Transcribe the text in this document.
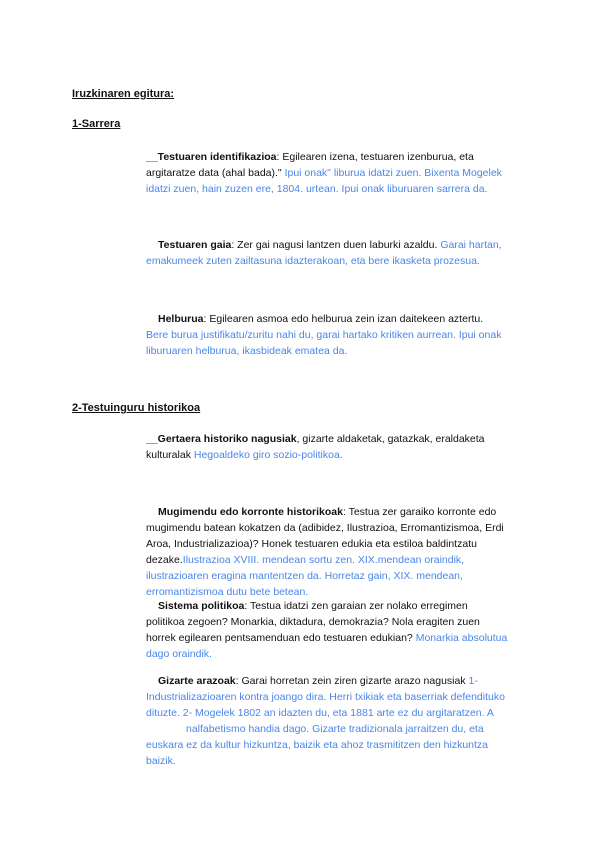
Iruzkinaren egitura:
1-Sarrera
__Testuaren identifikazioa: Egilearen izena, testuaren izenburua, eta
argitaratze data (ahal bada)." Ipui onak" liburua idatzi zuen. Bixenta Mogelek
idatzi zuen, hain zuzen ere, 1804. urtean. Ipui onak liburuaren sarrera da.
Testuaren gaia: Zer gai nagusi lantzen duen laburki azaldu. Garai hartan,
emakumeek zuten zailtasuna idazterakoan, eta bere ikasketa prozesua.
Helburua: Egilearen asmoa edo helburua zein izan daitekeen aztertu.
Bere burua justifikatu/zuritu nahi du, garai hartako kritiken aurrean. Ipui onak
liburuaren helburua, ikasbideak ematea da.
2-Testuinguru historikoa
__Gertaera historiko nagusiak, gizarte aldaketak, gatazkak, eraldaketa
kulturalak Hegoaldeko giro sozio-politikoa.
Mugimendu edo korronte historikoak: Testua zer garaiko korronte edo
mugimendu batean kokatzen da (adibidez, Ilustrazioa, Erromantizismoa, Erdi
Aroa, Industrializazioa)? Honek testuaren edukia eta estiloa baldintzatu
dezake.Ilustrazioa XVIII. mendean sortu zen. XIX.mendean oraindik,
ilustrazioaren eragina mantentzen da. Horretaz gain, XIX. mendean,
erromantizismoa dutu bete betean.
Sistema politikoa: Testua idatzi zen garaian zer nolako erregimen
politikoa zegoen? Monarkia, diktadura, demokrazia? Nola eragiten zuen
horrek egilearen pentsamenduan edo testuaren edukian? Monarkia absolutua
dago oraindik.
Gizarte arazoak: Garai horretan zein ziren gizarte arazo nagusiak 1-
Industrializazioaren kontra joango dira. Herri txikiak eta baserriak defendituko
dituzte. 2- Mogelek 1802 an idazten du, eta 1881 arte ez du argitaratzen. A
nalfabetismo handia dago. Gizarte tradizionala jarraitzen du, eta
euskara ez da kultur hizkuntza, baizik eta ahoz trasmititzen den hizkuntza
baizik.
